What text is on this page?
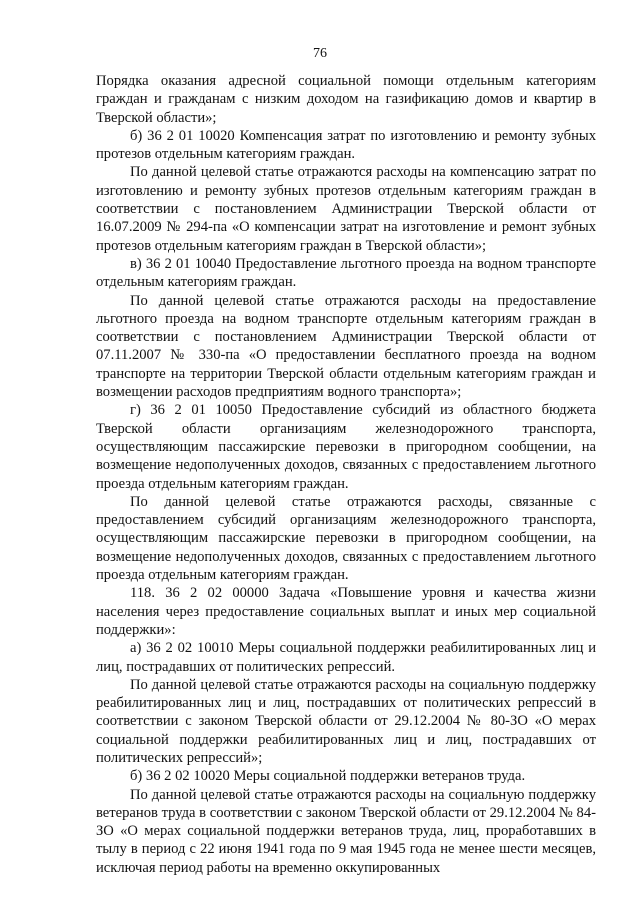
76

Порядка оказания адресной социальной помощи отдельным категориям граждан и гражданам с низким доходом на газификацию домов и квартир в Тверской области»;

б) 36 2 01 10020 Компенсация затрат по изготовлению и ремонту зубных протезов отдельным категориям граждан.

По данной целевой статье отражаются расходы на компенсацию затрат по изготовлению и ремонту зубных протезов отдельным категориям граждан в соответствии с постановлением Администрации Тверской области от 16.07.2009 № 294-па «О компенсации затрат на изготовление и ремонт зубных протезов отдельным категориям граждан в Тверской области»;

в) 36 2 01 10040 Предоставление льготного проезда на водном транспорте отдельным категориям граждан.

По данной целевой статье отражаются расходы на предоставление льготного проезда на водном транспорте отдельным категориям граждан в соответствии с постановлением Администрации Тверской области от 07.11.2007 № 330-па «О предоставлении бесплатного проезда на водном транспорте на территории Тверской области отдельным категориям граждан и возмещении расходов предприятиям водного транспорта»;

г) 36 2 01 10050 Предоставление субсидий из областного бюджета Тверской области организациям железнодорожного транспорта, осуществляющим пассажирские перевозки в пригородном сообщении, на возмещение недополученных доходов, связанных с предоставлением льготного проезда отдельным категориям граждан.

По данной целевой статье отражаются расходы, связанные с предоставлением субсидий организациям железнодорожного транспорта, осуществляющим пассажирские перевозки в пригородном сообщении, на возмещение недополученных доходов, связанных с предоставлением льготного проезда отдельным категориям граждан.

118. 36 2 02 00000 Задача «Повышение уровня и качества жизни населения через предоставление социальных выплат и иных мер социальной поддержки»:

а) 36 2 02 10010 Меры социальной поддержки реабилитированных лиц и лиц, пострадавших от политических репрессий.

По данной целевой статье отражаются расходы на социальную поддержку реабилитированных лиц и лиц, пострадавших от политических репрессий в соответствии с законом Тверской области от 29.12.2004 № 80-ЗО «О мерах социальной поддержки реабилитированных лиц и лиц, пострадавших от политических репрессий»;

б) 36 2 02 10020 Меры социальной поддержки ветеранов труда.

По данной целевой статье отражаются расходы на социальную поддержку ветеранов труда в соответствии с законом Тверской области от 29.12.2004 № 84-ЗО «О мерах социальной поддержки ветеранов труда, лиц, проработавших в тылу в период с 22 июня 1941 года по 9 мая 1945 года не менее шести месяцев, исключая период работы на временно оккупированных
